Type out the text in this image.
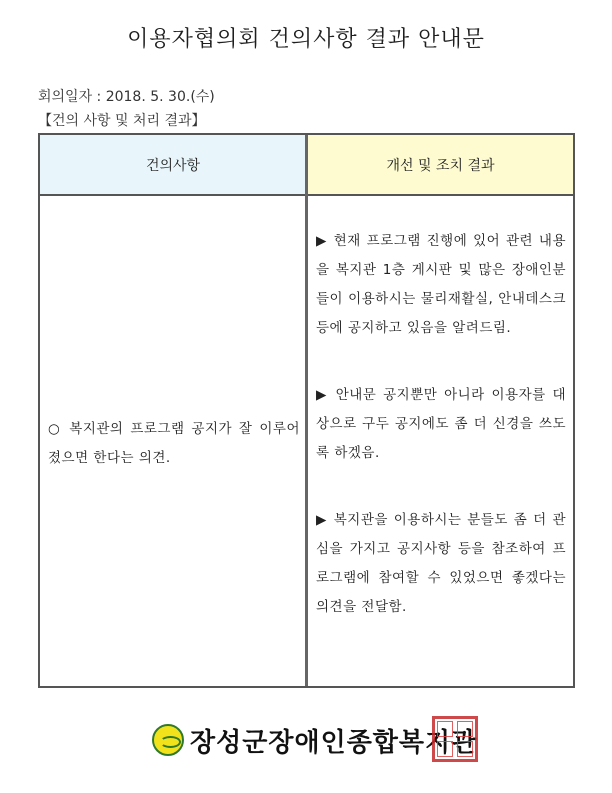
이용자협의회 건의사항 결과 안내문
회의일자 : 2018. 5. 30.(수)
【건의 사항 및 처리 결과】
건의사항	개선 및 조치 결과
○ 복지관의 프로그램 공지가 잘 이루어졌으면 한다는 의견.

▶ 현재 프로그램 진행에 있어 관련 내용을 복지관 1층 게시판 및 많은 장애인분들이 이용하시는 물리재활실, 안내데스크 등에 공지하고 있음을 알려드림.

▶ 안내문 공지뿐만 아니라 이용자를 대상으로 구두 공지에도 좀 더 신경을 쓰도록 하겠음.

▶ 복지관을 이용하시는 분들도 좀 더 관심을 가지고 공지사항 등을 참조하여 프로그램에 참여할 수 있었으면 좋겠다는 의견을 전달함.

장성군장애인종합복지관
